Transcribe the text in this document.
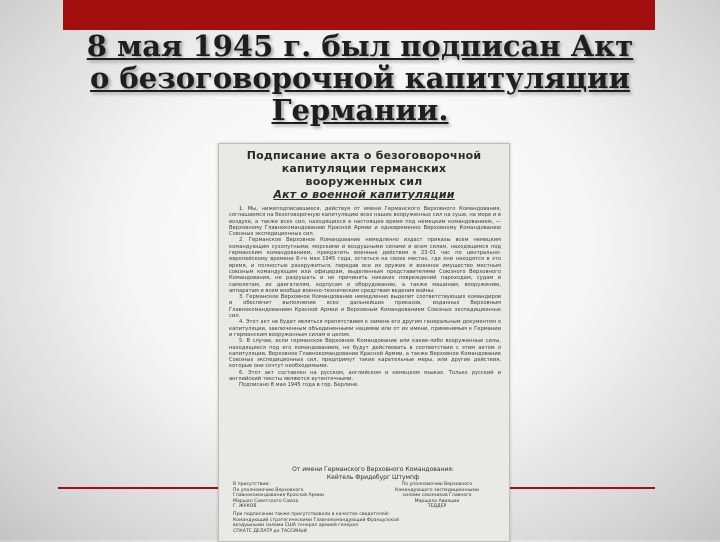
8 мая 1945 г. был подписан Акт
о безоговорочной капитуляции
Германии.
Подписание акта о безоговорочной
капитуляции германских
вооруженных сил
Акт о военной капитуляции

1. Мы, нижеподписавшиеся, действуя от имени Германского Верховного Командования, соглашаемся на безоговорочную капитуляцию всех наших вооруженных сил на суше, на море и в воздухе, а также всех сил, находящихся в настоящее время под немецким командованием, — Верховному Главнокомандованию Красной Армии и одновременно Верховному Командованию Союзных экспедиционных сил.

2. Германское Верховное Командование немедленно издаст приказы всем немецким командующим сухопутными, морскими и воздушными силами и всем силам, находящимся под германским командованием, прекратить военные действия в 23-01 час по центрально-европейскому времени 8-го мая 1945 года, остаться на своих местах, где они находятся в это время, и полностью разоружиться, передав все их оружие и военное имущество местным союзным командующим или офицерам, выделенным представителями Союзного Верховного Командования, не разрушать и не причинять никаких повреждений пароходам, судам и самолетам, их двигателям, корпусам и оборудованию, а также машинам, вооружению, аппаратам и всем вообще военно-техническим средствам ведения войны.

3. Германское Верховное Командование немедленно выделит соответствующих командиров и обеспечит выполнение всех дальнейших приказов, изданных Верховным Главнокомандованием Красной Армии и Верховным Командованием Союзных экспедиционных сил.

4. Этот акт не будет являться препятствием к замене его другим генеральным документом о капитуляции, заключенным объединенными нациями или от их имени, применимым к Германии и германским вооруженным силам в целом.

5. В случае, если германское Верховное Командование или какие-либо вооруженные силы, находящиеся под его командованием, не будут действовать в соответствии с этим актом о капитуляции, Верховное Главнокомандование Красной Армии, а также Верховное Командование Союзных экспедиционных сил, предпримут такие карательные меры, или другие действия, которые они сочтут необходимыми.

6. Этот акт составлен на русском, английском и немецком языках. Только русский и английский тексты являются аутентичными.

Подписано 8 мая 1945 года в гор. Берлине.

От имени Германского Верховного Командования:
Кейтель Фридебург Штумпф
В присутствии:
По уполномочию Верховного
Главнокомандования Красной Армии
Маршал Советского Союза
Г. ЖУКОВ
По уполномочию Верховного
Командующего экспедиционными
силами союзников Главного
Маршала Авиации
ТЕДДЕР
При подписании также присутствовали в качестве свидетелей:
Командующий стратегическими Главнокомандующий Французской
воздушными силами США генерал армией генерал
СПААТС ДЕЛАТР де ТАССИНЬИ
